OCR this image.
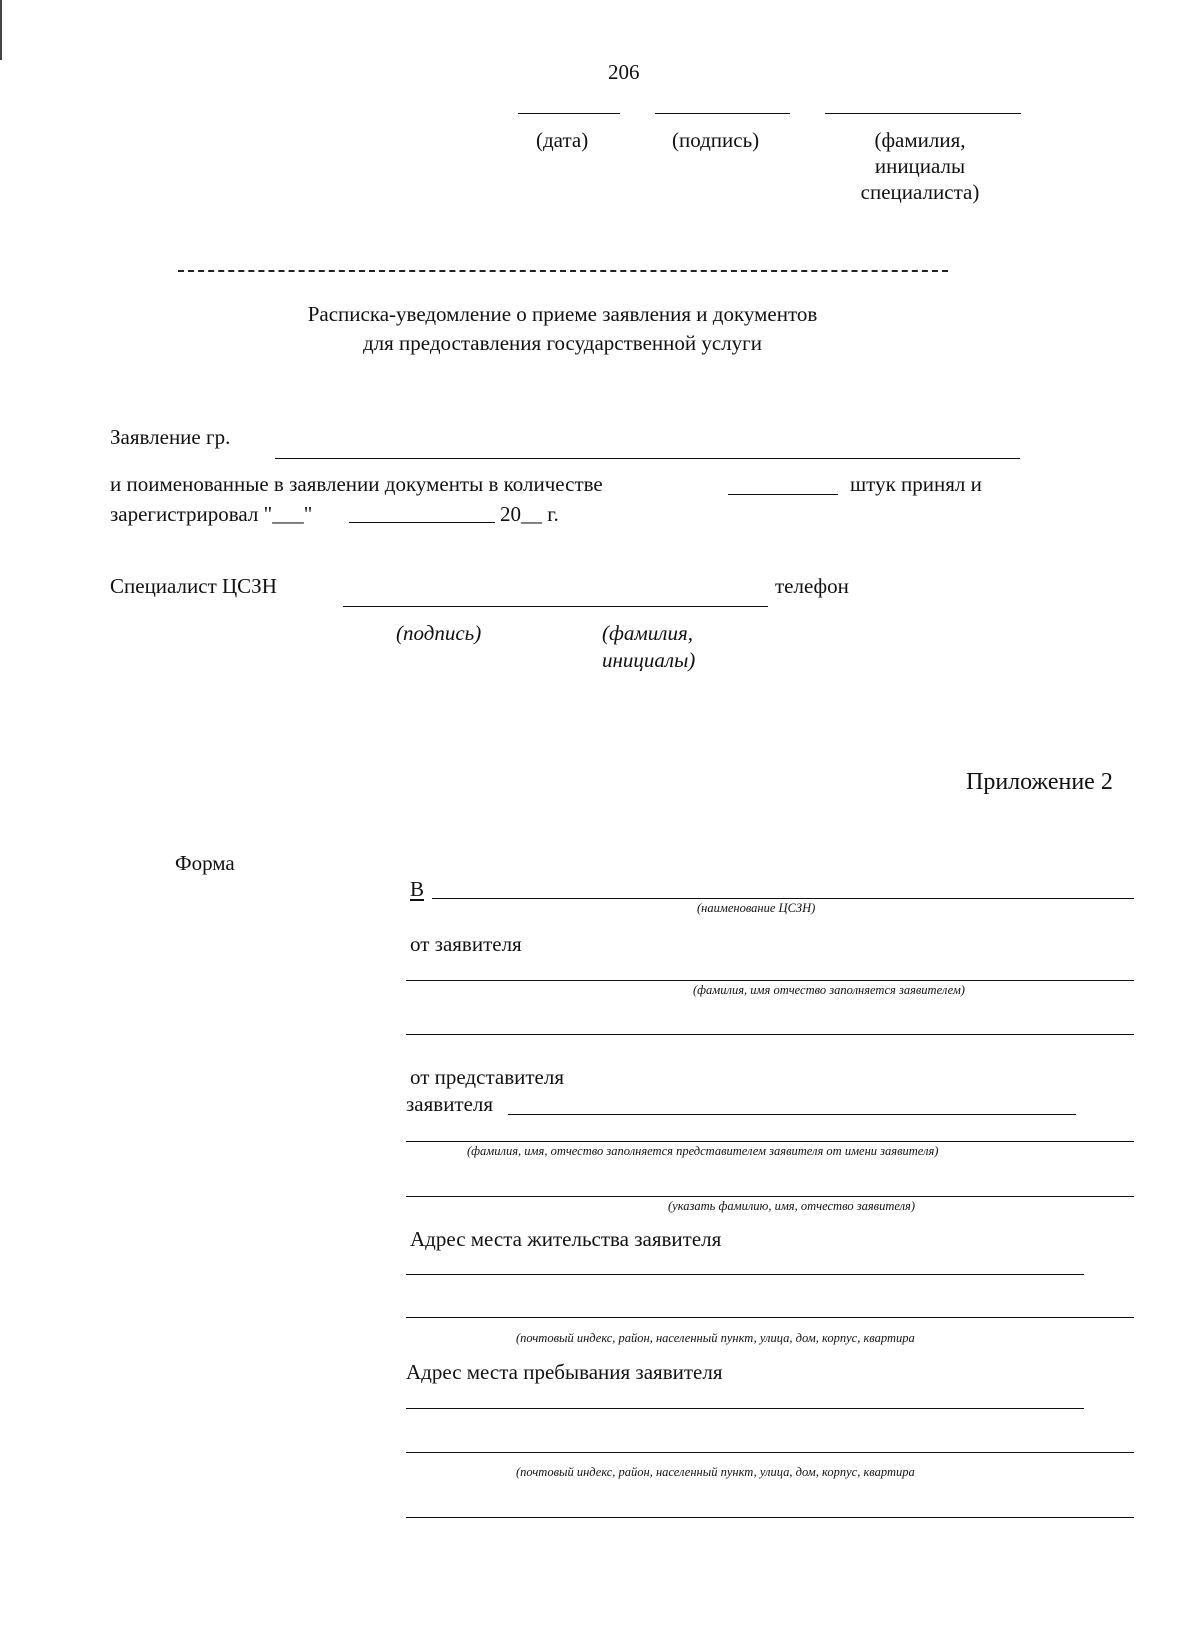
206
(дата)	(подпись)	(фамилия,
инициалы
специалиста)
Расписка-уведомление о приеме заявления и документов
для предоставления государственной услуги
Заявление гр.
и поименованные в заявлении документы в количестве	штук принял и
зарегистрировал "___"	20__ г.
Специалист ЦСЗН	телефон
(подпись)	(фамилия,
инициалы)
Приложение 2
Форма
В
(наименование ЦСЗН)
от заявителя
(фамилия, имя отчество заполняется заявителем)
от представителя
заявителя
(фамилия, имя, отчество заполняется представителем заявителя от имени заявителя)
(указать фамилию, имя, отчество заявителя)
Адрес места жительства заявителя
(почтовый индекс, район, населенный пункт, улица, дом, корпус, квартира
Адрес места пребывания заявителя
(почтовый индекс, район, населенный пункт, улица, дом, корпус, квартира
